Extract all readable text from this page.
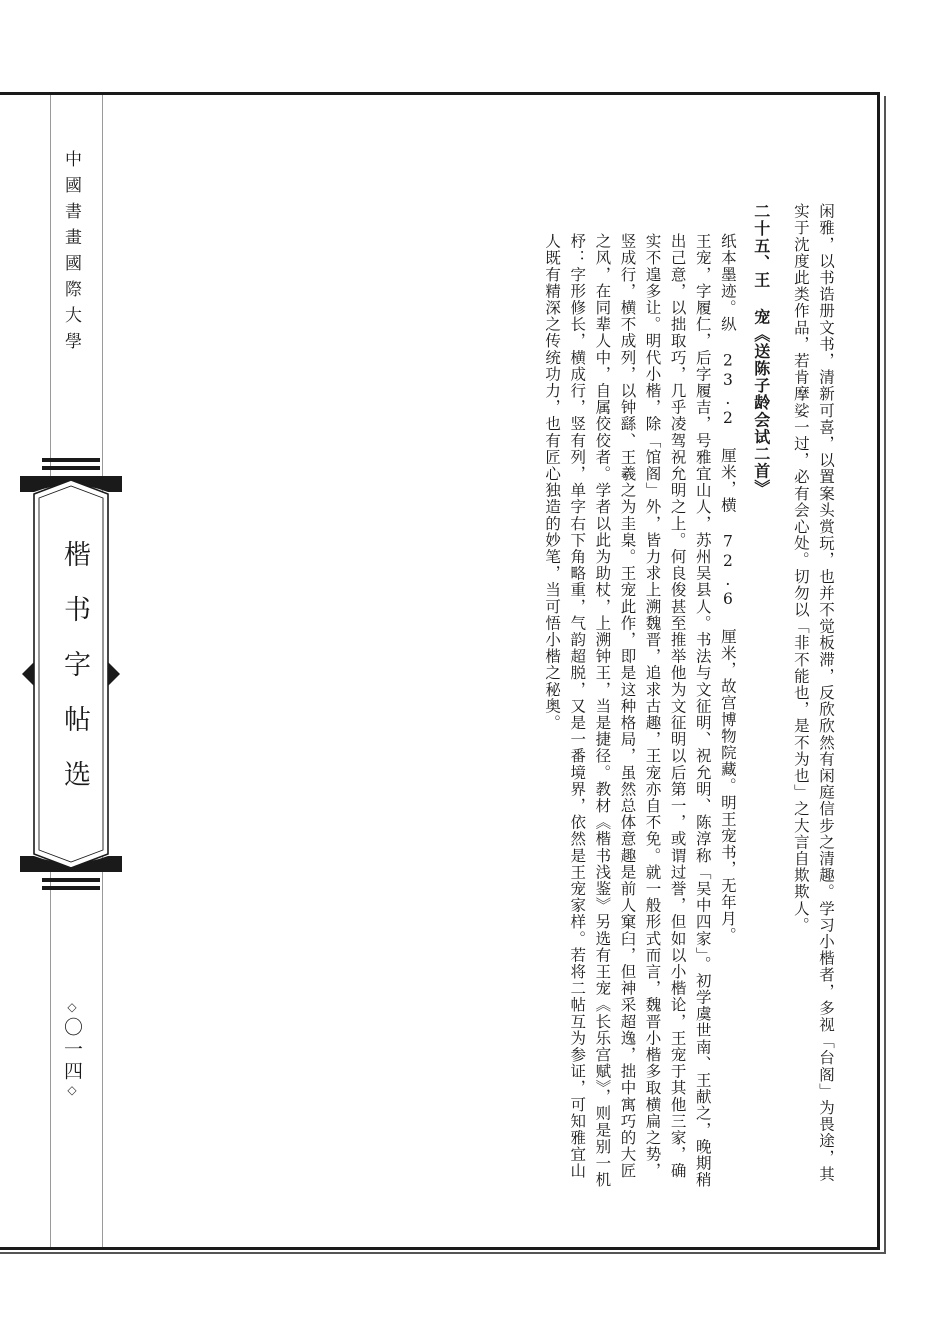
中國書畫國際大學
楷书字帖选
◇〇一四◇	闲雅，以书诰册文书，清新可喜，以置案头赏玩，也并不觉板滞，反欣欣然有闲庭信步之清趣。学习小楷者，多视「台阁」为畏途，其实于沈度此类作品，若肯摩娑一过，必有会心处。切勿以「非不能也，是不为也」之大言自欺欺人。

二十五、王 宠《送陈子龄会试二首》

纸本墨迹。纵 23.2 厘米，横 72.6 厘米，故宫博物院藏。明王宠书，无年月。

王宠，字履仁，后字履吉，号雅宜山人，苏州吴县人。书法与文征明、祝允明、陈淳称「吴中四家」。初学虞世南、王献之，晚期稍出己意，以拙取巧，几乎凌驾祝允明之上。何良俊甚至推举他为文征明以后第一，或谓过誉，但如以小楷论，王宠于其他三家，确实不遑多让。明代小楷，除「馆阁」外，皆力求上溯魏晋，追求古趣，王宠亦自不免。就一般形式而言，魏晋小楷多取横扁之势，竖成行，横不成列，以钟繇、王羲之为圭臬。王宠此作，即是这种格局，虽然总体意趣是前人窠臼，但神采超逸，拙中寓巧的大匠之风，在同辈人中，自属佼佼者。学者以此为助杖，上溯钟王，当是捷径。教材《楷书浅鉴》另选有王宠《长乐宫赋》，则是别一机杼：字形修长，横成行，竖有列，单字右下角略重，气韵超脱，又是一番境界，依然是王宠家样。若将二帖互为参证，可知雅宜山人既有精深之传统功力，也有匠心独造的妙笔，当可悟小楷之秘奥。
